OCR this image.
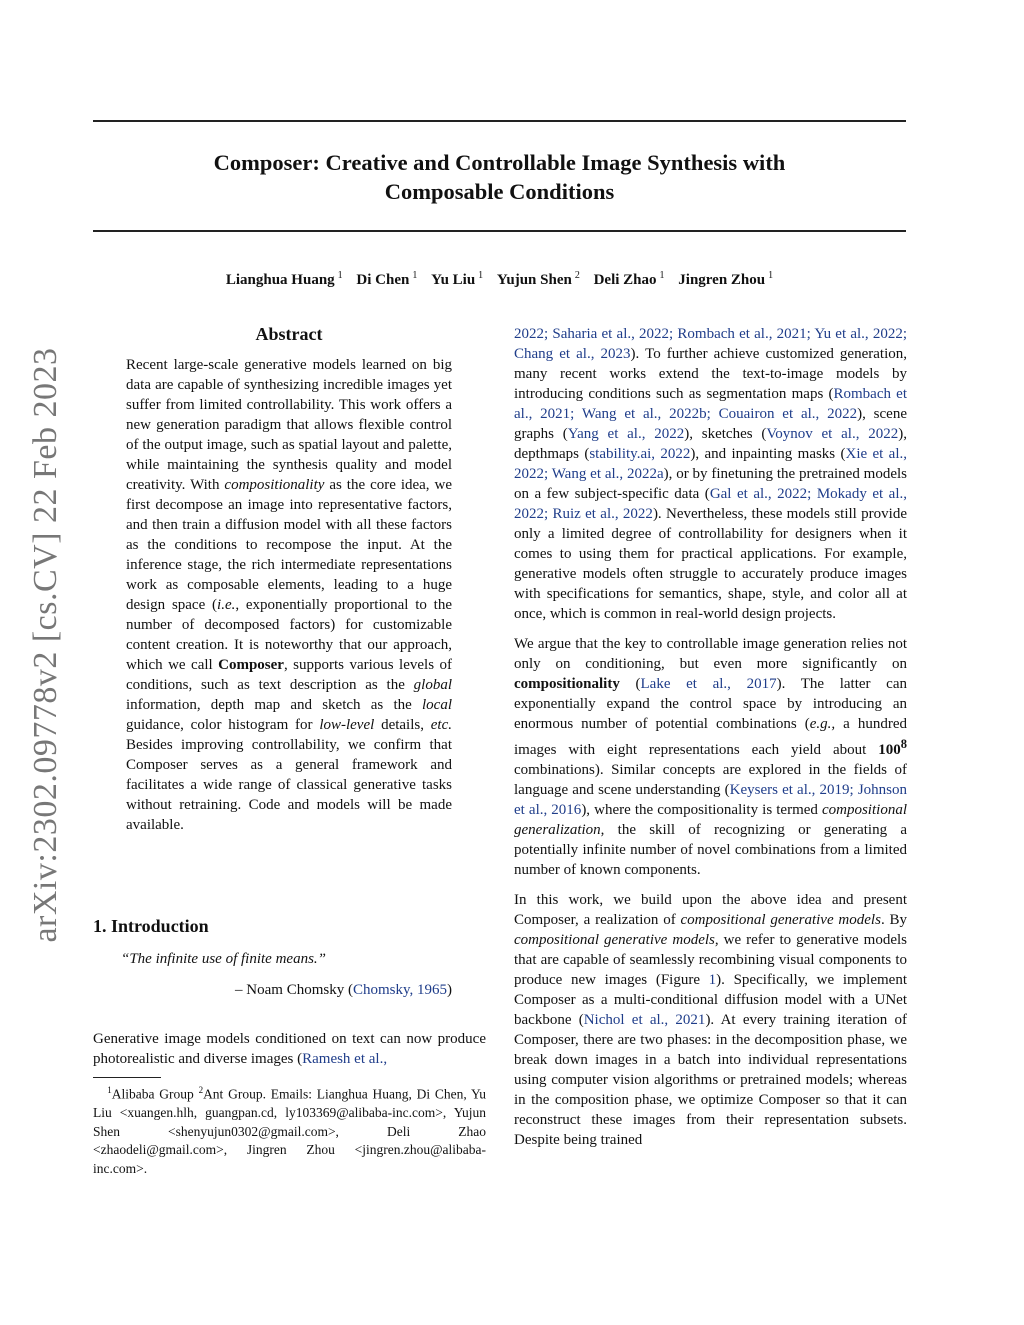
Composer: Creative and Controllable Image Synthesis with
Composable Conditions
Lianghua Huang $^1$ Di Chen $^1$ Yu Liu $^1$ Yujun Shen $^2$ Deli Zhao $^1$ Jingren Zhou $^1$
arXiv:2302.09778v2 [cs.CV] 22 Feb 2023
Abstract
Recent large-scale generative models learned on big data are capable of synthesizing incredible images yet suffer from limited controllability. This work offers a new generation paradigm that allows flexible control of the output image, such as spatial layout and palette, while maintaining the synthesis quality and model creativity. With compositionality as the core idea, we first decompose an image into representative factors, and then train a diffusion model with all these factors as the conditions to recompose the input. At the inference stage, the rich intermediate representations work as composable elements, leading to a huge design space (i.e., exponentially proportional to the number of decomposed factors) for customizable content creation. It is noteworthy that our approach, which we call Composer, supports various levels of conditions, such as text description as the global information, depth map and sketch as the local guidance, color histogram for low-level details, etc. Besides improving controllability, we confirm that Composer serves as a general framework and facilitates a wide range of classical generative tasks without retraining. Code and models will be made available.
1. Introduction
“The infinite use of finite means.”
– Noam Chomsky (Chomsky, 1965)
Generative image models conditioned on text can now produce photorealistic and diverse images (Ramesh et al.,
$^1$Alibaba Group $^2$Ant Group. Emails: Lianghua Huang, Di Chen, Yu Liu <xuangen.hlh, guangpan.cd, ly103369@alibaba-inc.com>, Yujun Shen <shenyujun0302@gmail.com>, Deli Zhao <zhaodeli@gmail.com>, Jingren Zhou <jingren.zhou@alibaba-inc.com>.

2022; Saharia et al., 2022; Rombach et al., 2021; Yu et al., 2022; Chang et al., 2023). To further achieve customized generation, many recent works extend the text-to-image models by introducing conditions such as segmentation maps (Rombach et al., 2021; Wang et al., 2022b; Couairon et al., 2022), scene graphs (Yang et al., 2022), sketches (Voynov et al., 2022), depthmaps (stability.ai, 2022), and inpainting masks (Xie et al., 2022; Wang et al., 2022a), or by finetuning the pretrained models on a few subject-specific data (Gal et al., 2022; Mokady et al., 2022; Ruiz et al., 2022). Nevertheless, these models still provide only a limited degree of controllability for designers when it comes to using them for practical applications. For example, generative models often struggle to accurately produce images with specifications for semantics, shape, style, and color all at once, which is common in real-world design projects.

We argue that the key to controllable image generation relies not only on conditioning, but even more significantly on compositionality (Lake et al., 2017). The latter can exponentially expand the control space by introducing an enormous number of potential combinations (e.g., a hundred images with eight representations each yield about $100^8$ combinations). Similar concepts are explored in the fields of language and scene understanding (Keysers et al., 2019; Johnson et al., 2016), where the compositionality is termed compositional generalization, the skill of recognizing or generating a potentially infinite number of novel combinations from a limited number of known components.

In this work, we build upon the above idea and present Composer, a realization of compositional generative models. By compositional generative models, we refer to generative models that are capable of seamlessly recombining visual components to produce new images (Figure 1). Specifically, we implement Composer as a multi-conditional diffusion model with a UNet backbone (Nichol et al., 2021). At every training iteration of Composer, there are two phases: in the decomposition phase, we break down images in a batch into individual representations using computer vision algorithms or pretrained models; whereas in the composition phase, we optimize Composer so that it can reconstruct these images from their representation subsets. Despite being trained
